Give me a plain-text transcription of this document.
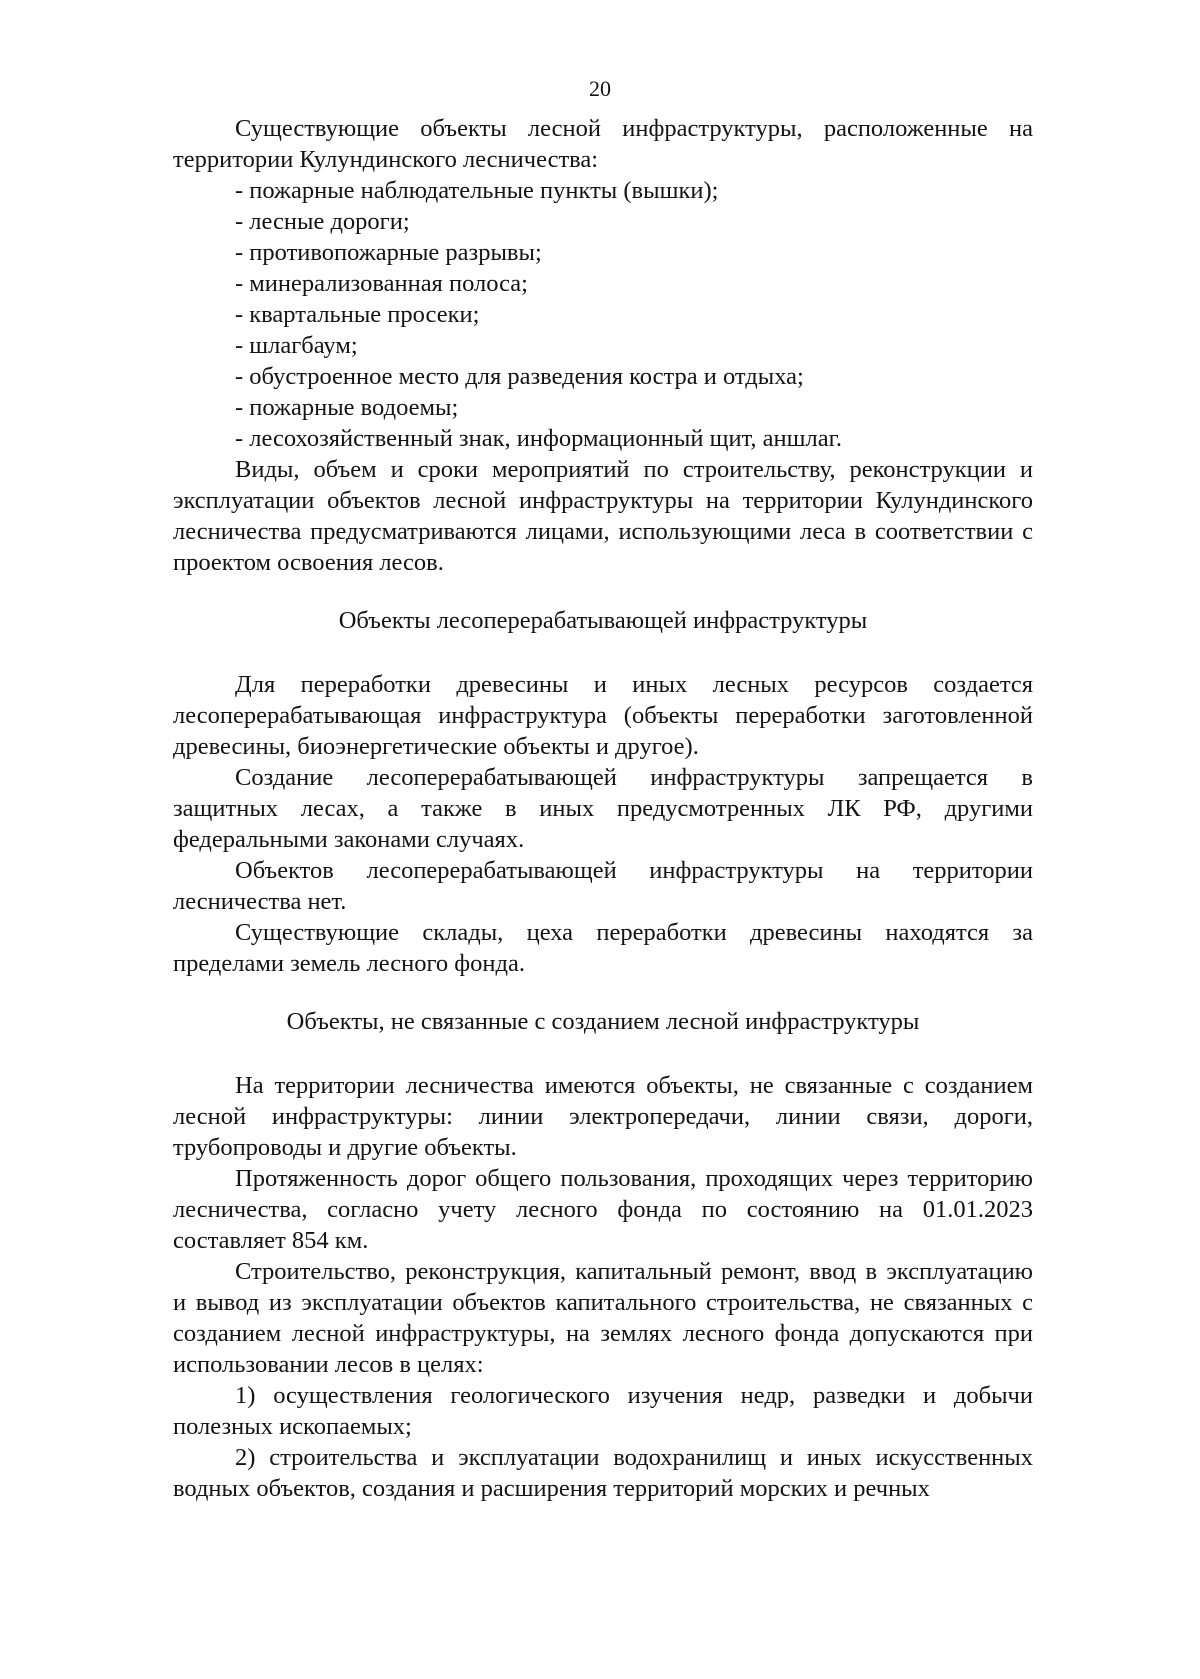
20

Существующие объекты лесной инфраструктуры, расположенные на территории Кулундинского лесничества:

- пожарные наблюдательные пункты (вышки);

- лесные дороги;

- противопожарные разрывы;

- минерализованная полоса;

- квартальные просеки;

- шлагбаум;

- обустроенное место для разведения костра и отдыха;

- пожарные водоемы;

- лесохозяйственный знак, информационный щит, аншлаг.

Виды, объем и сроки мероприятий по строительству, реконструкции и эксплуатации объектов лесной инфраструктуры на территории Кулундинского лесничества предусматриваются лицами, использующими леса в соответствии с проектом освоения лесов.

Объекты лесоперерабатывающей инфраструктуры

Для переработки древесины и иных лесных ресурсов создается лесоперерабатывающая инфраструктура (объекты переработки заготовленной древесины, биоэнергетические объекты и другое).

Создание лесоперерабатывающей инфраструктуры запрещается в защитных лесах, а также в иных предусмотренных ЛК РФ, другими федеральными законами случаях.

Объектов лесоперерабатывающей инфраструктуры на территории лесничества нет.

Существующие склады, цеха переработки древесины находятся за пределами земель лесного фонда.

Объекты, не связанные с созданием лесной инфраструктуры

На территории лесничества имеются объекты, не связанные с созданием лесной инфраструктуры: линии электропередачи, линии связи, дороги, трубопроводы и другие объекты.

Протяженность дорог общего пользования, проходящих через территорию лесничества, согласно учету лесного фонда по состоянию на 01.01.2023 составляет 854 км.

Строительство, реконструкция, капитальный ремонт, ввод в эксплуатацию и вывод из эксплуатации объектов капитального строительства, не связанных с созданием лесной инфраструктуры, на землях лесного фонда допускаются при использовании лесов в целях:

1) осуществления геологического изучения недр, разведки и добычи полезных ископаемых;

2) строительства и эксплуатации водохранилищ и иных искусственных водных объектов, создания и расширения территорий морских и речных
